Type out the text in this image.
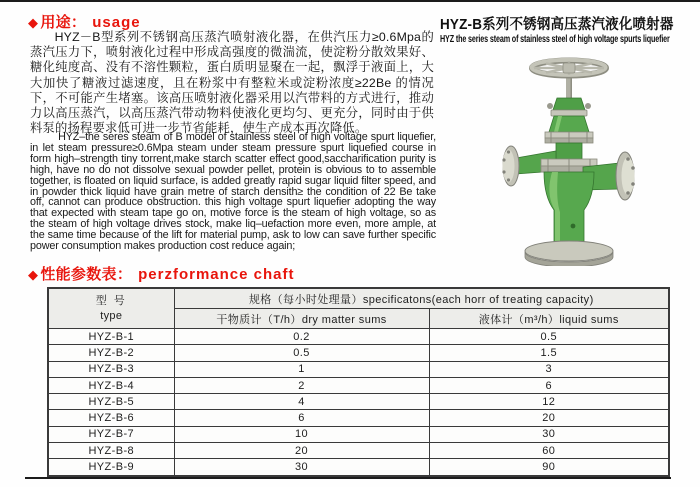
◆ 用途： usage

HYZ－B型系列不锈钢高压蒸汽喷射液化器，在供汽压力≥0.6Mpa的蒸汽压力下，喷射液化过程中形成高强度的微湍流，使淀粉分散效果好、糖化纯度高、没有不溶性颗粒，蛋白质明显聚在一起，飘浮于液面上，大大加快了糖液过滤速度，且在粉浆中有整粒米或淀粉浓度≥22Be 的情况下，不可能产生堵塞。该高压喷射液化器采用以汽带料的方式进行，推动力以高压蒸汽，以高压蒸汽带动物料使液化更均匀、更充分，同时由于供料泵的扬程要求低可进一步节省能耗，使生产成本再次降低。

HYZ–the seres steam of B model of stainless steel of high voltage spurt liquefier, in let steam pressure≥0.6Mpa steam under steam pressure spurt liquefied course in form high–strength tiny torrent,make starch scatter effect good,saccharification purity is high, have no do not dissolve sexual powder pellet, protein is obvious to to assemble together, is floated on liquid surface, is added greatly rapid sugar liquid filter speed, and in powder thick liquid have grain metre of starch densith≥ the condition of 22 Be take off, cannot can produce obstruction. this high voltage spurt liquefier adopting the way that expected with steam tape go on, motive force is the steam of high voltage, so as the steam of high voltage drives stock, make liq–uefaction more even, more ample, at the same time because of the lift for material pump, ask to low can save further specific power consumption makes production cost reduce again;

HYZ-B系列不锈钢高压蒸汽液化喷射器
HYZ the series steam of stainless steel of high voltage spurts liquefier
◆ 性能参数表： perzformance chaft
型 号
type	规格（每小时处理量）specificatons(each horr of treating capacity)	
	干物质计（T/h）dry matter sums	液体计（m³/h）liquid sums
HYZ-B-1	0.2	0.5
HYZ-B-2	0.5	1.5
HYZ-B-3	1	3
HYZ-B-4	2	6
HYZ-B-5	4	12
HYZ-B-6	6	20
HYZ-B-7	10	30
HYZ-B-8	20	60
HYZ-B-9	30	90
